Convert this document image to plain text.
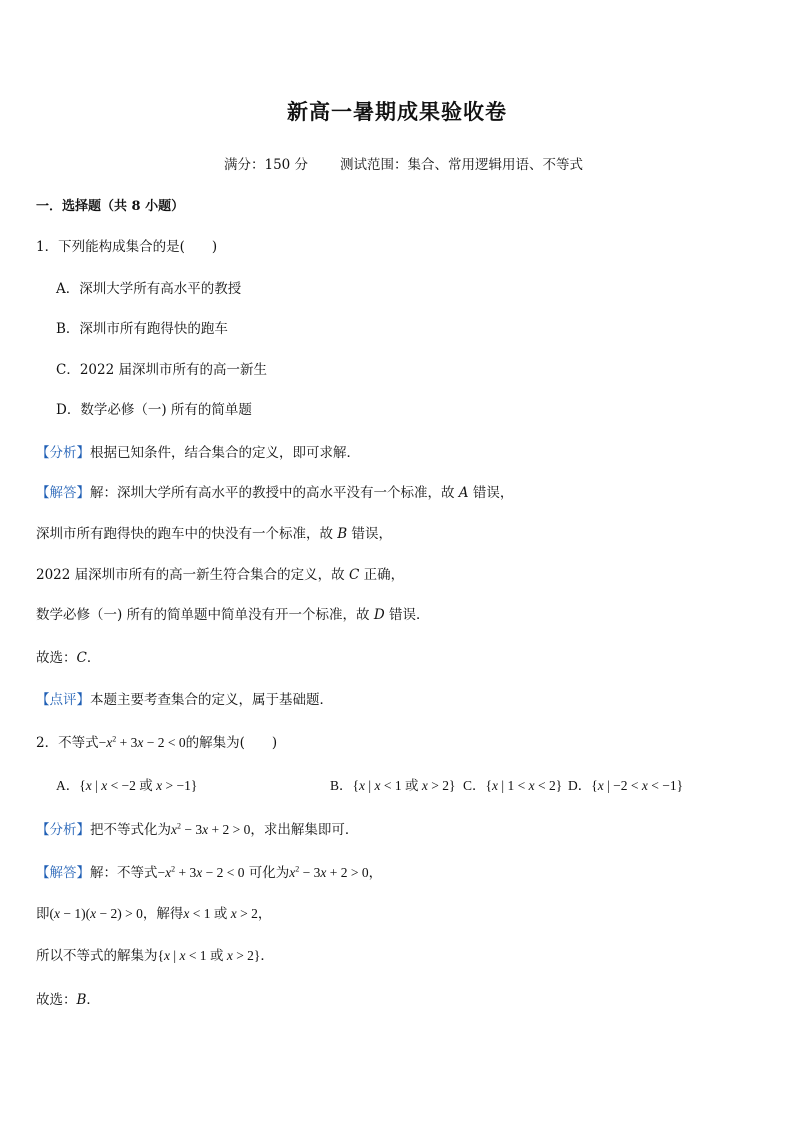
新高一暑期成果验收卷
满分：150 分 测试范围：集合、常用逻辑用语、不等式
一．选择题（共 8 小题）
1．下列能构成集合的是(　　)
A．深圳大学所有高水平的教授
B．深圳市所有跑得快的跑车
C．2022 届深圳市所有的高一新生
D．数学必修（一) 所有的简单题
【分析】根据已知条件，结合集合的定义，即可求解．
【解答】解：深圳大学所有高水平的教授中的高水平没有一个标准，故 A 错误，
深圳市所有跑得快的跑车中的快没有一个标准，故 B 错误，
2022 届深圳市所有的高一新生符合集合的定义，故 C 正确，
数学必修（一) 所有的简单题中简单没有开一个标准，故 D 错误．
故选：C．
【点评】本题主要考查集合的定义，属于基础题．
2．不等式$-x^2 + 3x - 2 < 0$的解集为(　　)
A．{x | x < −2 或 x > −1}	B．{x | x < 1 或 x > 2} C．{x | 1 < x < 2} D．{x | −2 < x < −1}
【分析】把不等式化为$x^2 - 3x + 2 > 0$，求出解集即可．
【解答】解：不等式$-x^2 + 3x - 2 < 0$ 可化为$x^2 - 3x + 2 > 0$，
即(x − 1)(x − 2) > 0，解得x < 1 或 x > 2，
所以不等式的解集为{x | x < 1 或 x > 2}．
故选：B．
